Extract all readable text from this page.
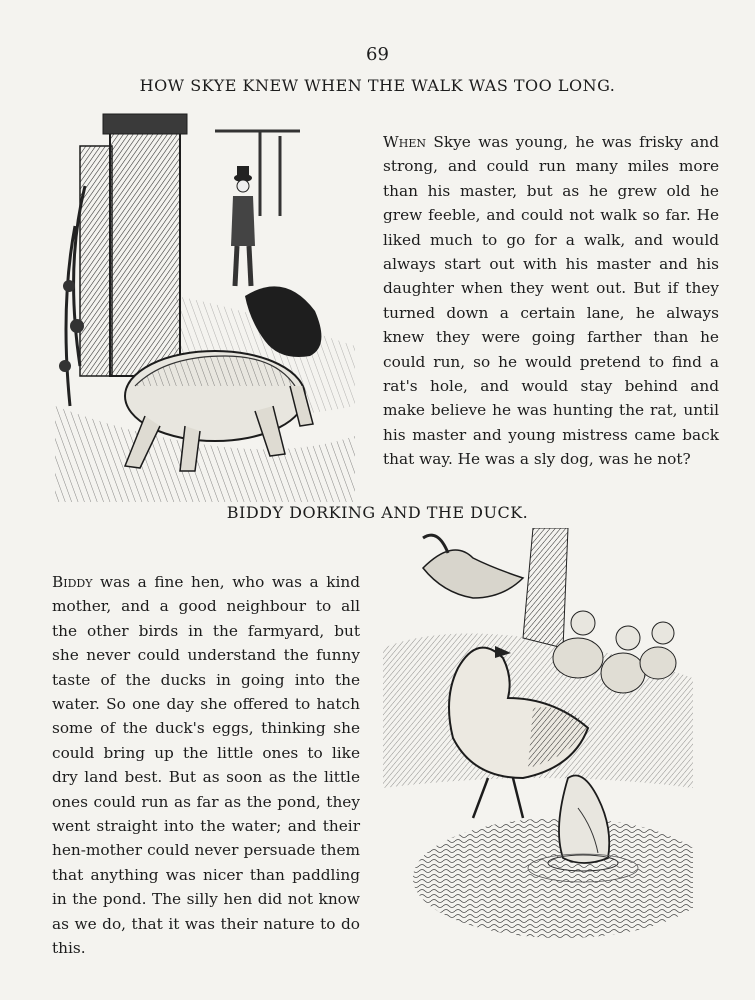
69
HOW SKYE KNEW WHEN THE WALK WAS TOO LONG.

When Skye was young, he was frisky and strong, and could run many miles more than his master, but as he grew old he grew feeble, and could not walk so far. He liked much to go for a walk, and would always start out with his master and his daughter when they went out. But if they turned down a certain lane, he always knew they were going farther than he could run, so he would pretend to find a rat's hole, and would stay behind and make believe he was hunting the rat, until his master and young mistress came back that way. He was a sly dog, was he not?

BIDDY DORKING AND THE DUCK.

Biddy was a fine hen, who was a kind mother, and a good neighbour to all the other birds in the farmyard, but she never could understand the funny taste of the ducks in going into the water. So one day she offered to hatch some of the duck's eggs, thinking she could bring up the little ones to like dry land best. But as soon as the little ones could run as far as the pond, they went straight into the water; and their hen-mother could never persuade them that anything was nicer than paddling in the pond. The silly hen did not know as we do, that it was their nature to do this.
